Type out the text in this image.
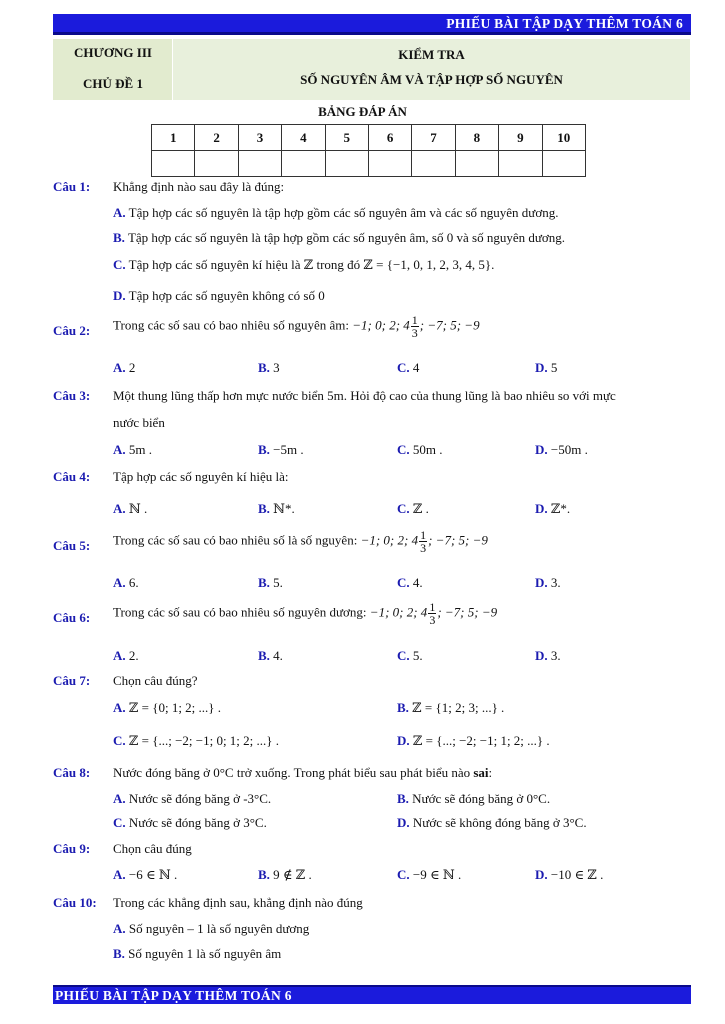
PHIẾU BÀI TẬP DẠY THÊM TOÁN 6
CHƯƠNG III
CHỦ ĐỀ 1
KIỂM TRA
SỐ NGUYÊN ÂM VÀ TẬP HỢP SỐ NGUYÊN
BẢNG ĐÁP ÁN
1	2	3	4	5	6	7	8	9	10

Câu 1: Khẳng định nào sau đây là đúng:
A. Tập hợp các số nguyên là tập hợp gồm các số nguyên âm và các số nguyên dương.
B. Tập hợp các số nguyên là tập hợp gồm các số nguyên âm, số 0 và số nguyên dương.
C. Tập hợp các số nguyên kí hiệu là ℤ trong đó ℤ = {−1, 0, 1, 2, 3, 4, 5}.
D. Tập hợp các số nguyên không có số 0
Câu 2: Trong các số sau có bao nhiêu số nguyên âm: −1; 0; 2; $4 \frac{1}{3}$ ; −7; 5; −9
A. 2	B. 3	C. 4	D. 5
Câu 3: Một thung lũng thấp hơn mực nước biển 5m. Hỏi độ cao của thung lũng là bao nhiêu so với mực
nước biển
A. 5m .	B. −5m .	C. 50m .	D. −50m .
Câu 4: Tập hợp các số nguyên kí hiệu là:
A. ℕ .	B. ℕ*.	C. ℤ .	D. ℤ*.
Câu 5: Trong các số sau có bao nhiêu số là số nguyên: −1; 0; 2; $4 \frac{1}{3}$ ; −7; 5; −9
A. 6.	B. 5.	C. 4.	D. 3.
Câu 6: Trong các số sau có bao nhiêu số nguyên dương: −1; 0; 2; $4 \frac{1}{3}$ ; −7; 5; −9
A. 2.	B. 4.	C. 5.	D. 3.
Câu 7: Chọn câu đúng?
A. ℤ = {0; 1; 2; ...} .	B. ℤ = {1; 2; 3; ...} .
C. ℤ = {...; −2; −1; 0; 1; 2; ...} .	D. ℤ = {...; −2; −1; 1; 2; ...} .
Câu 8: Nước đóng băng ở 0°C trở xuống. Trong phát biểu sau phát biểu nào sai:
A. Nước sẽ đóng băng ở -3°C.	B. Nước sẽ đóng băng ở 0°C.
C. Nước sẽ đóng băng ở 3°C.	D. Nước sẽ không đóng băng ở 3°C.
Câu 9: Chọn câu đúng
A. −6 ∈ ℕ .	B. 9 ∉ ℤ .	C. −9 ∈ ℕ .	D. −10 ∈ ℤ .
Câu 10: Trong các khẳng định sau, khẳng định nào đúng
A. Số nguyên – 1 là số nguyên dương
B. Số nguyên 1 là số nguyên âm
PHIẾU BÀI TẬP DẠY THÊM TOÁN 6
